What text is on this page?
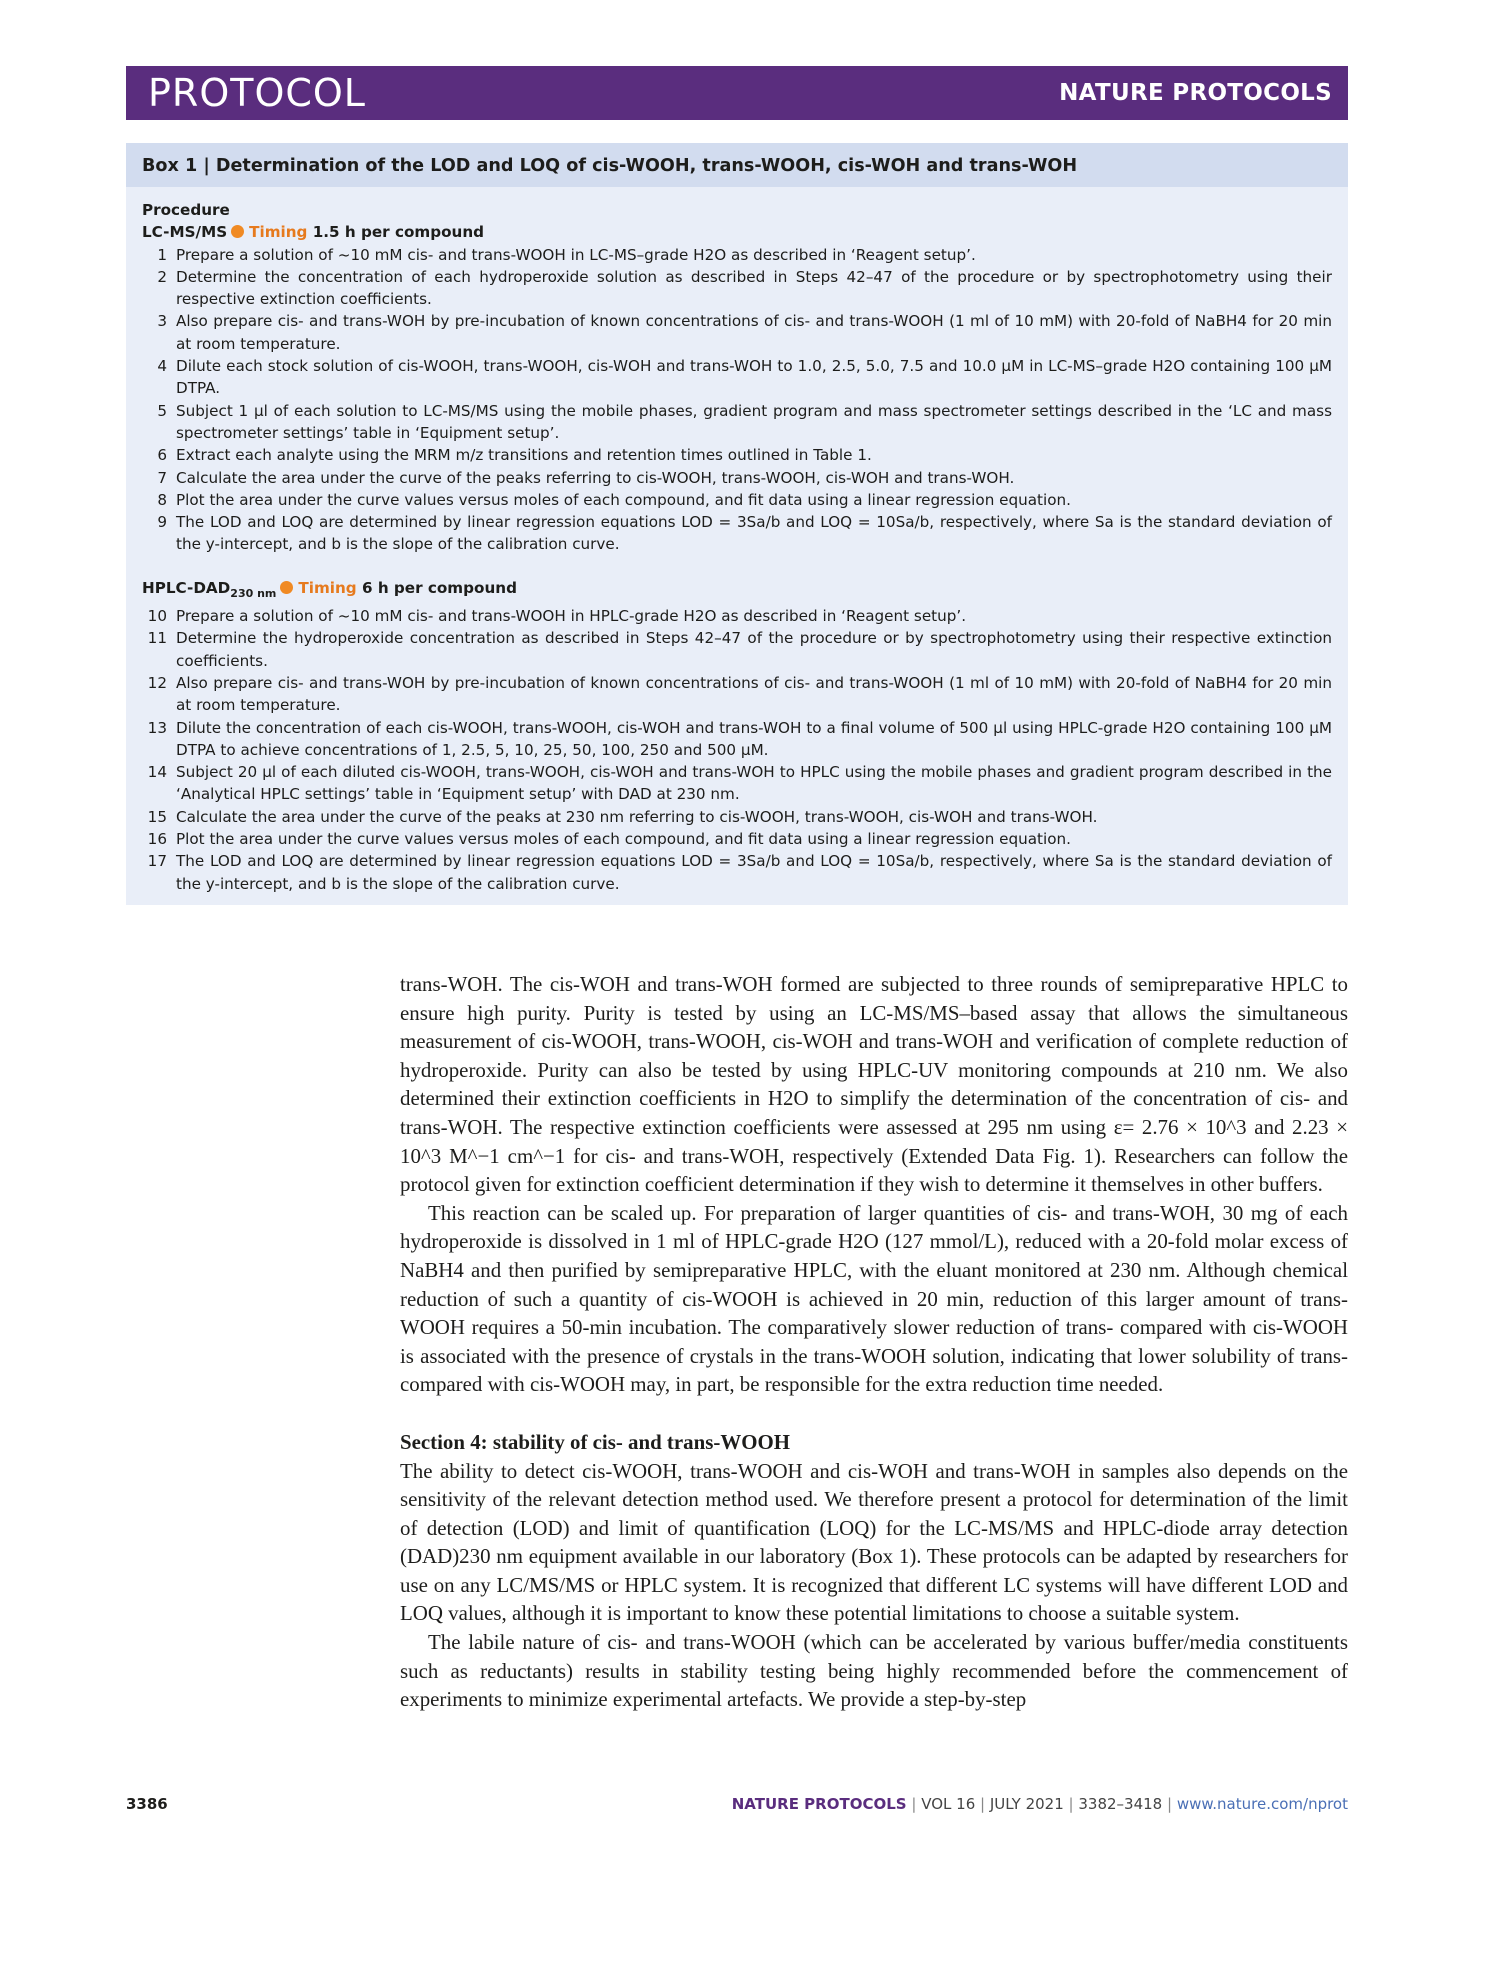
PROTOCOL	NATURE PROTOCOLS
Box 1 | Determination of the LOD and LOQ of cis-WOOH, trans-WOOH, cis-WOH and trans-WOH
Procedure
LC-MS/MS Timing 1.5 h per compound
1 Prepare a solution of ~10 mM cis- and trans-WOOH in LC-MS–grade H2O as described in ‘Reagent setup’.
2 Determine the concentration of each hydroperoxide solution as described in Steps 42–47 of the procedure or by spectrophotometry using their respective extinction coefficients.
3 Also prepare cis- and trans-WOH by pre-incubation of known concentrations of cis- and trans-WOOH (1 ml of 10 mM) with 20-fold of NaBH4 for 20 min at room temperature.
4 Dilute each stock solution of cis-WOOH, trans-WOOH, cis-WOH and trans-WOH to 1.0, 2.5, 5.0, 7.5 and 10.0 μM in LC-MS–grade H2O containing 100 μM DTPA.
5 Subject 1 μl of each solution to LC-MS/MS using the mobile phases, gradient program and mass spectrometer settings described in the ‘LC and mass spectrometer settings’ table in ‘Equipment setup’.
6 Extract each analyte using the MRM m/z transitions and retention times outlined in Table 1.
7 Calculate the area under the curve of the peaks referring to cis-WOOH, trans-WOOH, cis-WOH and trans-WOH.
8 Plot the area under the curve values versus moles of each compound, and fit data using a linear regression equation.
9 The LOD and LOQ are determined by linear regression equations LOD = 3Sa/b and LOQ = 10Sa/b, respectively, where Sa is the standard deviation of the y-intercept, and b is the slope of the calibration curve.
HPLC-$DAD_{230 nm}$ Timing 6 h per compound
10 Prepare a solution of ~10 mM cis- and trans-WOOH in HPLC-grade H2O as described in ‘Reagent setup’.
11 Determine the hydroperoxide concentration as described in Steps 42–47 of the procedure or by spectrophotometry using their respective extinction coefficients.
12 Also prepare cis- and trans-WOH by pre-incubation of known concentrations of cis- and trans-WOOH (1 ml of 10 mM) with 20-fold of NaBH4 for 20 min at room temperature.
13 Dilute the concentration of each cis-WOOH, trans-WOOH, cis-WOH and trans-WOH to a final volume of 500 μl using HPLC-grade H2O containing 100 μM DTPA to achieve concentrations of 1, 2.5, 5, 10, 25, 50, 100, 250 and 500 μM.
14 Subject 20 μl of each diluted cis-WOOH, trans-WOOH, cis-WOH and trans-WOH to HPLC using the mobile phases and gradient program described in the ‘Analytical HPLC settings’ table in ‘Equipment setup’ with DAD at 230 nm.
15 Calculate the area under the curve of the peaks at 230 nm referring to cis-WOOH, trans-WOOH, cis-WOH and trans-WOH.
16 Plot the area under the curve values versus moles of each compound, and fit data using a linear regression equation.
17 The LOD and LOQ are determined by linear regression equations LOD = 3Sa/b and LOQ = 10Sa/b, respectively, where Sa is the standard deviation of the y-intercept, and b is the slope of the calibration curve.

trans-WOH. The cis-WOH and trans-WOH formed are subjected to three rounds of semipreparative HPLC to ensure high purity. Purity is tested by using an LC-MS/MS–based assay that allows the simultaneous measurement of cis-WOOH, trans-WOOH, cis-WOH and trans-WOH and verification of complete reduction of hydroperoxide. Purity can also be tested by using HPLC-UV monitoring compounds at 210 nm. We also determined their extinction coefficients in H2O to simplify the determination of the concentration of cis- and trans-WOH. The respective extinction coefficients were assessed at 295 nm using ε= 2.76 × 10^3 and 2.23 × 10^3 M^−1 cm^−1 for cis- and trans-WOH, respectively (Extended Data Fig. 1). Researchers can follow the protocol given for extinction coefficient determination if they wish to determine it themselves in other buffers.

This reaction can be scaled up. For preparation of larger quantities of cis- and trans-WOH, 30 mg of each hydroperoxide is dissolved in 1 ml of HPLC-grade H2O (127 mmol/L), reduced with a 20-fold molar excess of NaBH4 and then purified by semipreparative HPLC, with the eluant monitored at 230 nm. Although chemical reduction of such a quantity of cis-WOOH is achieved in 20 min, reduction of this larger amount of trans-WOOH requires a 50-min incubation. The comparatively slower reduction of trans- compared with cis-WOOH is associated with the presence of crystals in the trans-WOOH solution, indicating that lower solubility of trans- compared with cis-WOOH may, in part, be responsible for the extra reduction time needed.

Section 4: stability of cis- and trans-WOOH

The ability to detect cis-WOOH, trans-WOOH and cis-WOH and trans-WOH in samples also depends on the sensitivity of the relevant detection method used. We therefore present a protocol for determination of the limit of detection (LOD) and limit of quantification (LOQ) for the LC-MS/MS and HPLC-diode array detection (DAD)230 nm equipment available in our laboratory (Box 1). These protocols can be adapted by researchers for use on any LC/MS/MS or HPLC system. It is recognized that different LC systems will have different LOD and LOQ values, although it is important to know these potential limitations to choose a suitable system.

The labile nature of cis- and trans-WOOH (which can be accelerated by various buffer/media constituents such as reductants) results in stability testing being highly recommended before the commencement of experiments to minimize experimental artefacts. We provide a step-by-step

3386	NATURE PROTOCOLS | VOL 16 | JULY 2021 | 3382–3418 | www.nature.com/nprot
